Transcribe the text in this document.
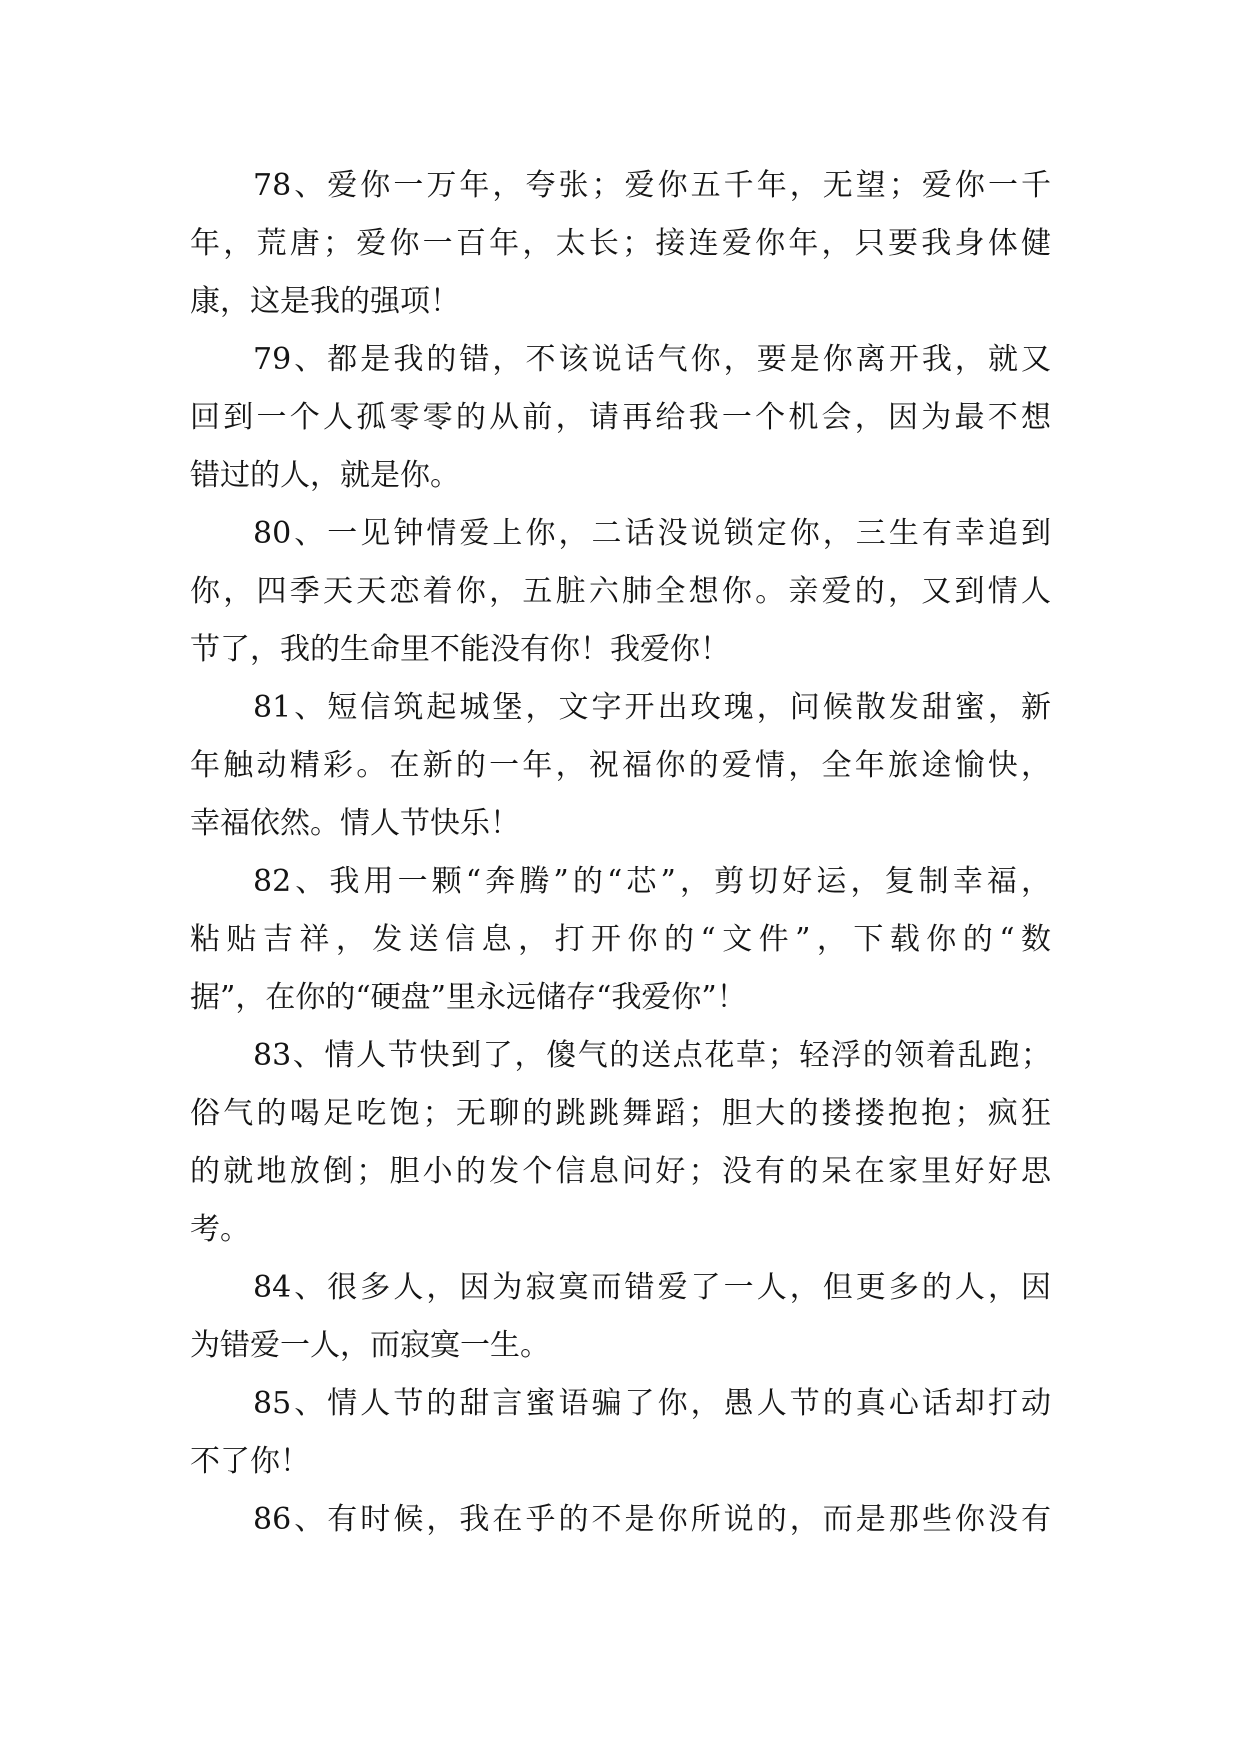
78、爱你一万年，夸张；爱你五千年，无望；爱你一千
年，荒唐；爱你一百年，太长；接连爱你年，只要我身体健
康，这是我的强项！
79、都是我的错，不该说话气你，要是你离开我，就又
回到一个人孤零零的从前，请再给我一个机会，因为最不想
错过的人，就是你。
80、一见钟情爱上你，二话没说锁定你，三生有幸追到
你，四季天天恋着你，五脏六肺全想你。亲爱的，又到情人
节了，我的生命里不能没有你！我爱你！
81、短信筑起城堡，文字开出玫瑰，问候散发甜蜜，新
年触动精彩。在新的一年，祝福你的爱情，全年旅途愉快，
幸福依然。情人节快乐！
82、我用一颗“奔腾”的“芯”，剪切好运，复制幸福，
粘贴吉祥，发送信息，打开你的“文件”，下载你的“数
据”，在你的“硬盘”里永远储存“我爱你”！
83、情人节快到了，傻气的送点花草；轻浮的领着乱跑；
俗气的喝足吃饱；无聊的跳跳舞蹈；胆大的搂搂抱抱；疯狂
的就地放倒；胆小的发个信息问好；没有的呆在家里好好思
考。
84、很多人，因为寂寞而错爱了一人，但更多的人，因
为错爱一人，而寂寞一生。
85、情人节的甜言蜜语骗了你，愚人节的真心话却打动
不了你！
86、有时候，我在乎的不是你所说的，而是那些你没有
